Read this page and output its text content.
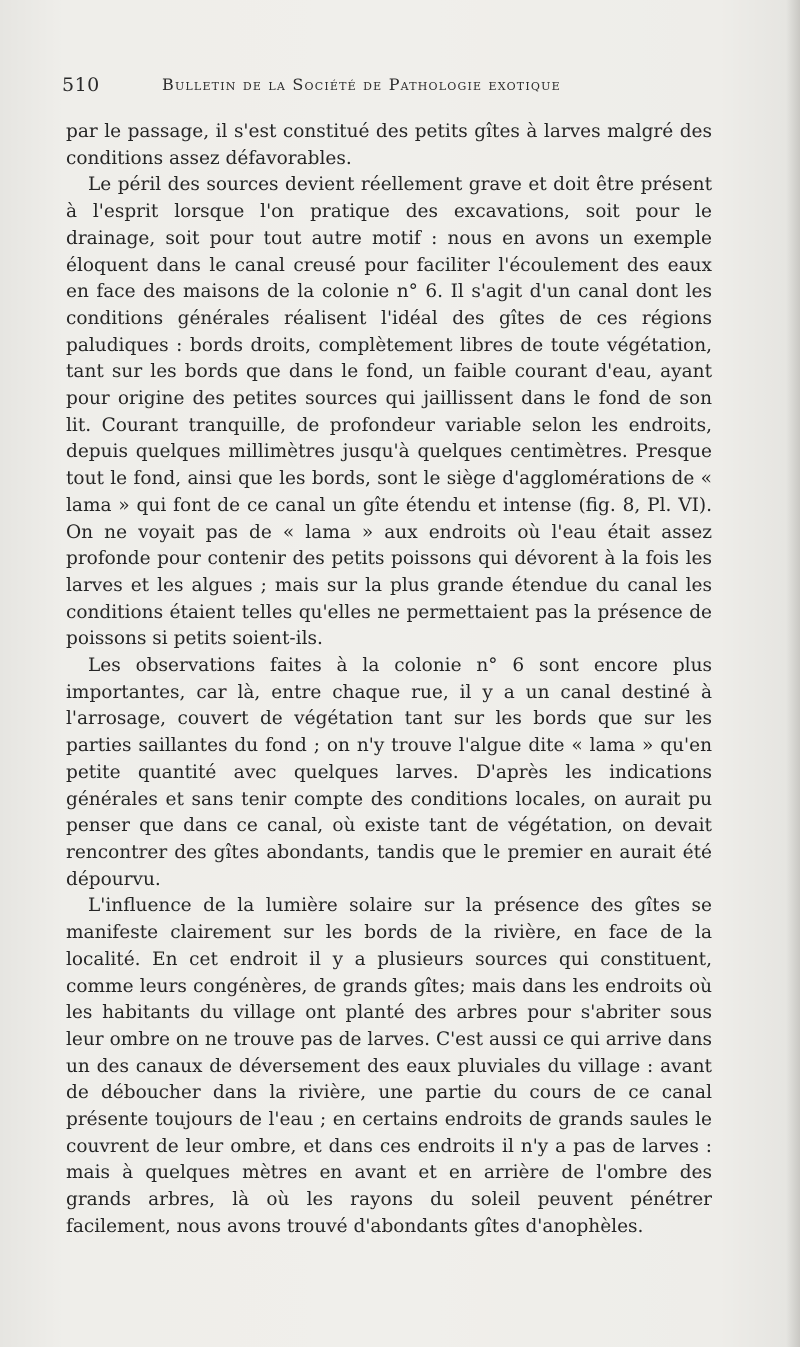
510	Bulletin de la Société de Pathologie exotique

par le passage, il s'est constitué des petits gîtes à larves malgré des conditions assez défavorables.

Le péril des sources devient réellement grave et doit être présent à l'esprit lorsque l'on pratique des excavations, soit pour le drainage, soit pour tout autre motif : nous en avons un exemple éloquent dans le canal creusé pour faciliter l'écoulement des eaux en face des maisons de la colonie n° 6. Il s'agit d'un canal dont les conditions générales réalisent l'idéal des gîtes de ces régions paludiques : bords droits, complètement libres de toute végétation, tant sur les bords que dans le fond, un faible courant d'eau, ayant pour origine des petites sources qui jaillissent dans le fond de son lit. Courant tranquille, de profondeur variable selon les endroits, depuis quelques millimètres jusqu'à quelques centimètres. Presque tout le fond, ainsi que les bords, sont le siège d'agglomérations de « lama » qui font de ce canal un gîte étendu et intense (fig. 8, Pl. VI). On ne voyait pas de « lama » aux endroits où l'eau était assez profonde pour contenir des petits poissons qui dévorent à la fois les larves et les algues ; mais sur la plus grande étendue du canal les conditions étaient telles qu'elles ne permettaient pas la présence de poissons si petits soient-ils.

Les observations faites à la colonie n° 6 sont encore plus importantes, car là, entre chaque rue, il y a un canal destiné à l'arrosage, couvert de végétation tant sur les bords que sur les parties saillantes du fond ; on n'y trouve l'algue dite « lama » qu'en petite quantité avec quelques larves. D'après les indications générales et sans tenir compte des conditions locales, on aurait pu penser que dans ce canal, où existe tant de végétation, on devait rencontrer des gîtes abondants, tandis que le premier en aurait été dépourvu.

L'influence de la lumière solaire sur la présence des gîtes se manifeste clairement sur les bords de la rivière, en face de la localité. En cet endroit il y a plusieurs sources qui constituent, comme leurs congénères, de grands gîtes; mais dans les endroits où les habitants du village ont planté des arbres pour s'abriter sous leur ombre on ne trouve pas de larves. C'est aussi ce qui arrive dans un des canaux de déversement des eaux pluviales du village : avant de déboucher dans la rivière, une partie du cours de ce canal présente toujours de l'eau ; en certains endroits de grands saules le couvrent de leur ombre, et dans ces endroits il n'y a pas de larves : mais à quelques mètres en avant et en arrière de l'ombre des grands arbres, là où les rayons du soleil peuvent pénétrer facilement, nous avons trouvé d'abondants gîtes d'anophèles.
